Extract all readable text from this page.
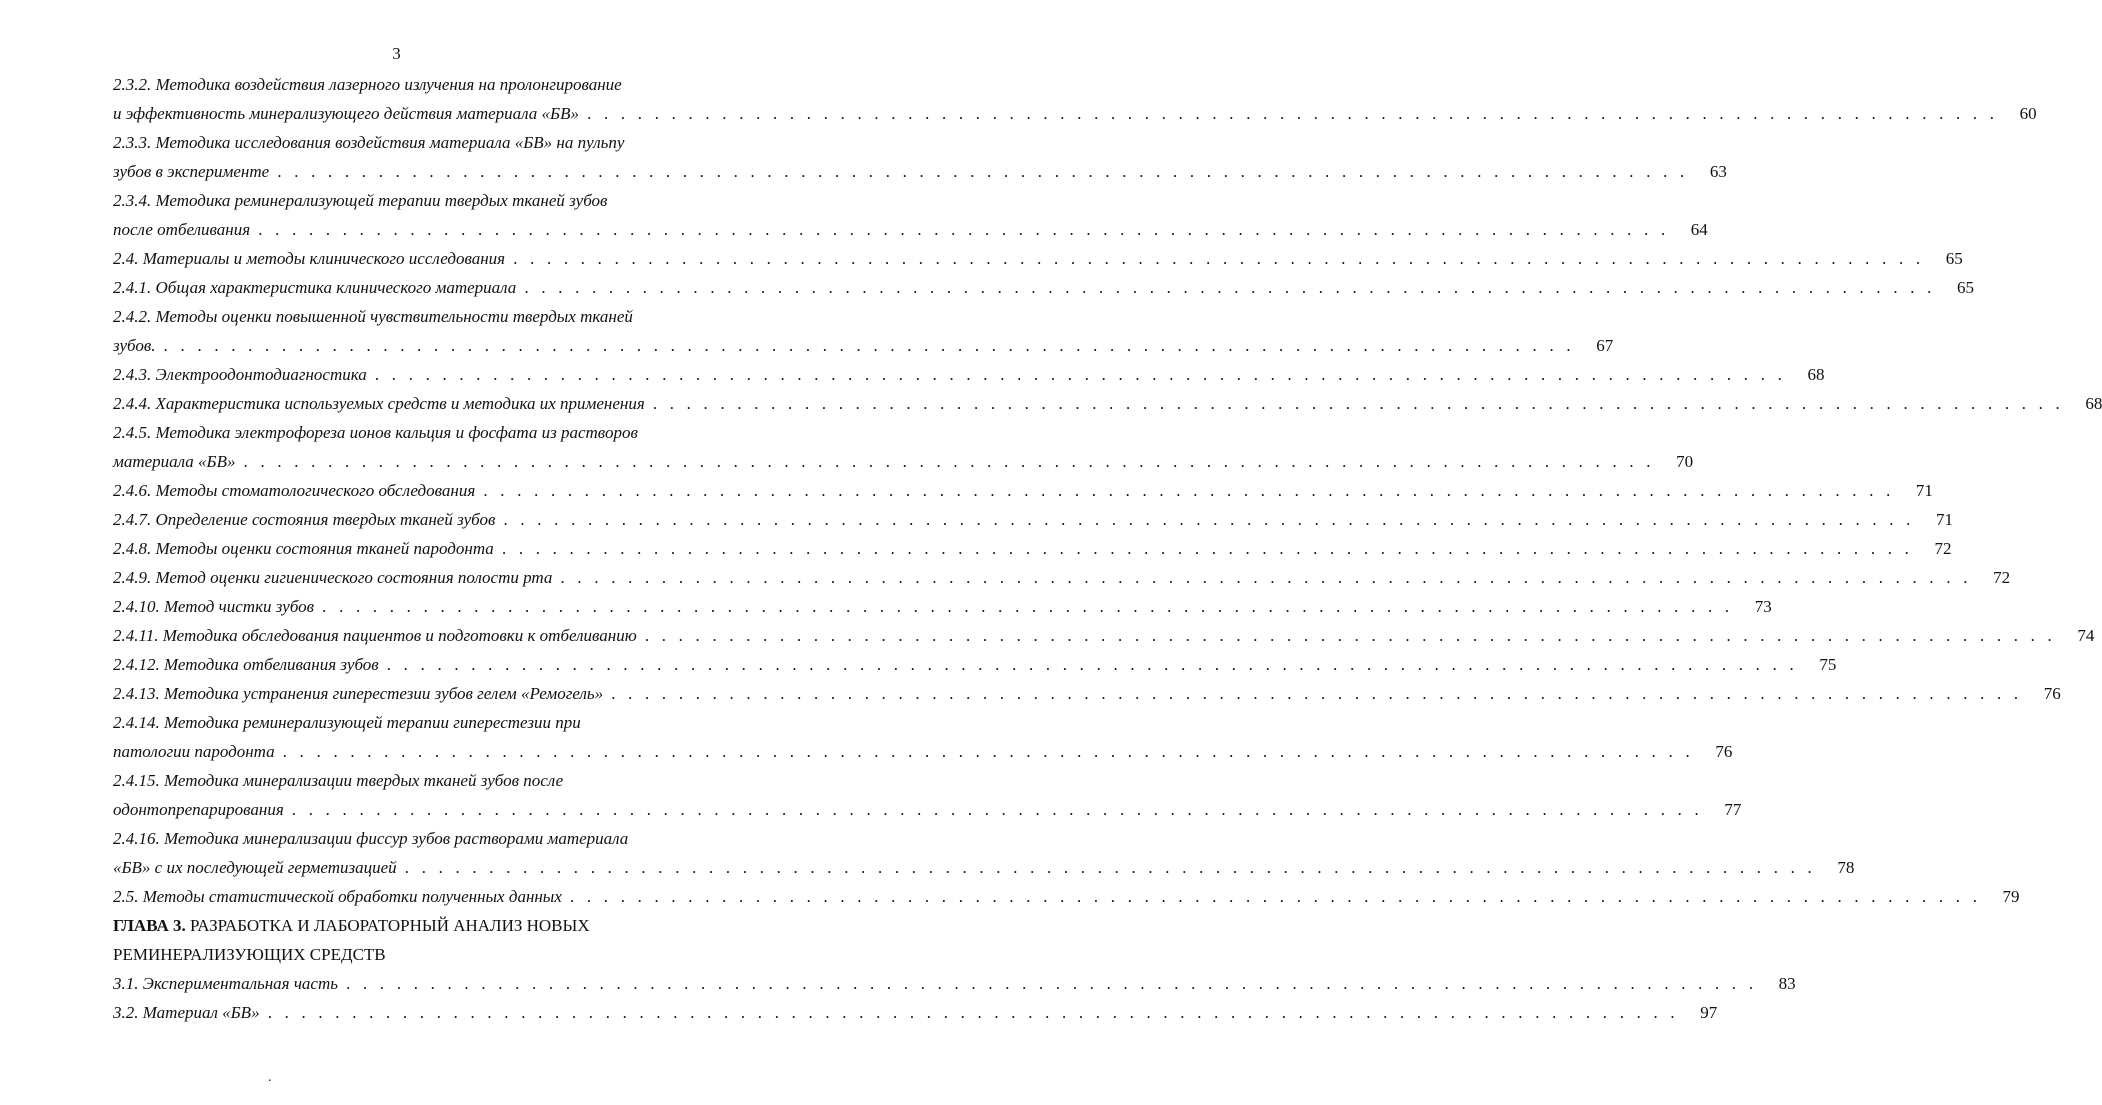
3
2.3.2. Методика воздействия лазерного излучения на пролонгирование
и эффективность минерализующего действия материала «БВ» . . . . . . . . . . . . . . . . . . . . . . . . . . . . . . . . . . . . . . . . . . . . . . . . . . . . . . . . . . . . . . . . . . . . . . . . . . . . . . . . . . . .	60
2.3.3. Методика исследования воздействия материала «БВ» на пульпу
зубов в эксперименте . . . . . . . . . . . . . . . . . . . . . . . . . . . . . . . . . . . . . . . . . . . . . . . . . . . . . . . . . . . . . . . . . . . . . . . . . . . . . . . . . . . .	63
2.3.4. Методика реминерализующей терапии твердых тканей зубов
после отбеливания . . . . . . . . . . . . . . . . . . . . . . . . . . . . . . . . . . . . . . . . . . . . . . . . . . . . . . . . . . . . . . . . . . . . . . . . . . . . . . . . . . . .	64
2.4. Материалы и методы клинического исследования . . . . . . . . . . . . . . . . . . . . . . . . . . . . . . . . . . . . . . . . . . . . . . . . . . . . . . . . . . . . . . . . . . . . . . . . . . . . . . . . . . . .	65
2.4.1. Общая характеристика клинического материала . . . . . . . . . . . . . . . . . . . . . . . . . . . . . . . . . . . . . . . . . . . . . . . . . . . . . . . . . . . . . . . . . . . . . . . . . . . . . . . . . . . .	65
2.4.2. Методы оценки повышенной чувствительности твердых тканей
зубов. . . . . . . . . . . . . . . . . . . . . . . . . . . . . . . . . . . . . . . . . . . . . . . . . . . . . . . . . . . . . . . . . . . . . . . . . . . . . . . . . . . . .	67
2.4.3. Электроодонтодиагностика . . . . . . . . . . . . . . . . . . . . . . . . . . . . . . . . . . . . . . . . . . . . . . . . . . . . . . . . . . . . . . . . . . . . . . . . . . . . . . . . . . . .	68
2.4.4. Характеристика используемых средств и методика их применения . . . . . . . . . . . . . . . . . . . . . . . . . . . . . . . . . . . . . . . . . . . . . . . . . . . . . . . . . . . . . . . . . . . . . . . . . . . . . . . . . . . .	68
2.4.5. Методика электрофореза ионов кальция и фосфата из растворов
материала «БВ» . . . . . . . . . . . . . . . . . . . . . . . . . . . . . . . . . . . . . . . . . . . . . . . . . . . . . . . . . . . . . . . . . . . . . . . . . . . . . . . . . . . .	70
2.4.6. Методы стоматологического обследования . . . . . . . . . . . . . . . . . . . . . . . . . . . . . . . . . . . . . . . . . . . . . . . . . . . . . . . . . . . . . . . . . . . . . . . . . . . . . . . . . . . .	71
2.4.7. Определение состояния твердых тканей зубов . . . . . . . . . . . . . . . . . . . . . . . . . . . . . . . . . . . . . . . . . . . . . . . . . . . . . . . . . . . . . . . . . . . . . . . . . . . . . . . . . . . .	71
2.4.8. Методы оценки состояния тканей пародонта . . . . . . . . . . . . . . . . . . . . . . . . . . . . . . . . . . . . . . . . . . . . . . . . . . . . . . . . . . . . . . . . . . . . . . . . . . . . . . . . . . . .	72
2.4.9. Метод оценки гигиенического состояния полости рта . . . . . . . . . . . . . . . . . . . . . . . . . . . . . . . . . . . . . . . . . . . . . . . . . . . . . . . . . . . . . . . . . . . . . . . . . . . . . . . . . . . .	72
2.4.10. Метод чистки зубов . . . . . . . . . . . . . . . . . . . . . . . . . . . . . . . . . . . . . . . . . . . . . . . . . . . . . . . . . . . . . . . . . . . . . . . . . . . . . . . . . . . .	73
2.4.11. Методика обследования пациентов и подготовки к отбеливанию . . . . . . . . . . . . . . . . . . . . . . . . . . . . . . . . . . . . . . . . . . . . . . . . . . . . . . . . . . . . . . . . . . . . . . . . . . . . . . . . . . . .	74
2.4.12. Методика отбеливания зубов . . . . . . . . . . . . . . . . . . . . . . . . . . . . . . . . . . . . . . . . . . . . . . . . . . . . . . . . . . . . . . . . . . . . . . . . . . . . . . . . . . . .	75
2.4.13. Методика устранения гиперестезии зубов гелем «Ремогель» . . . . . . . . . . . . . . . . . . . . . . . . . . . . . . . . . . . . . . . . . . . . . . . . . . . . . . . . . . . . . . . . . . . . . . . . . . . . . . . . . . . .	76
2.4.14. Методика реминерализующей терапии гиперестезии при
патологии пародонта . . . . . . . . . . . . . . . . . . . . . . . . . . . . . . . . . . . . . . . . . . . . . . . . . . . . . . . . . . . . . . . . . . . . . . . . . . . . . . . . . . . .	76
2.4.15. Методика минерализации твердых тканей зубов после
одонтопрепарирования . . . . . . . . . . . . . . . . . . . . . . . . . . . . . . . . . . . . . . . . . . . . . . . . . . . . . . . . . . . . . . . . . . . . . . . . . . . . . . . . . . . .	77
2.4.16. Методика минерализации фиссур зубов растворами материала
«БВ» с их последующей герметизацией . . . . . . . . . . . . . . . . . . . . . . . . . . . . . . . . . . . . . . . . . . . . . . . . . . . . . . . . . . . . . . . . . . . . . . . . . . . . . . . . . . . .	78
2.5. Методы статистической обработки полученных данных . . . . . . . . . . . . . . . . . . . . . . . . . . . . . . . . . . . . . . . . . . . . . . . . . . . . . . . . . . . . . . . . . . . . . . . . . . . . . . . . . . . .	79
ГЛАВА 3. РАЗРАБОТКА И ЛАБОРАТОРНЫЙ АНАЛИЗ НОВЫХ
РЕМИНЕРАЛИЗУЮЩИХ СРЕДСТВ
3.1. Экспериментальная часть . . . . . . . . . . . . . . . . . . . . . . . . . . . . . . . . . . . . . . . . . . . . . . . . . . . . . . . . . . . . . . . . . . . . . . . . . . . . . . . . . . . .	83
3.2. Материал «БВ» . . . . . . . . . . . . . . . . . . . . . . . . . . . . . . . . . . . . . . . . . . . . . . . . . . . . . . . . . . . . . . . . . . . . . . . . . . . . . . . . . . . .	97
.
